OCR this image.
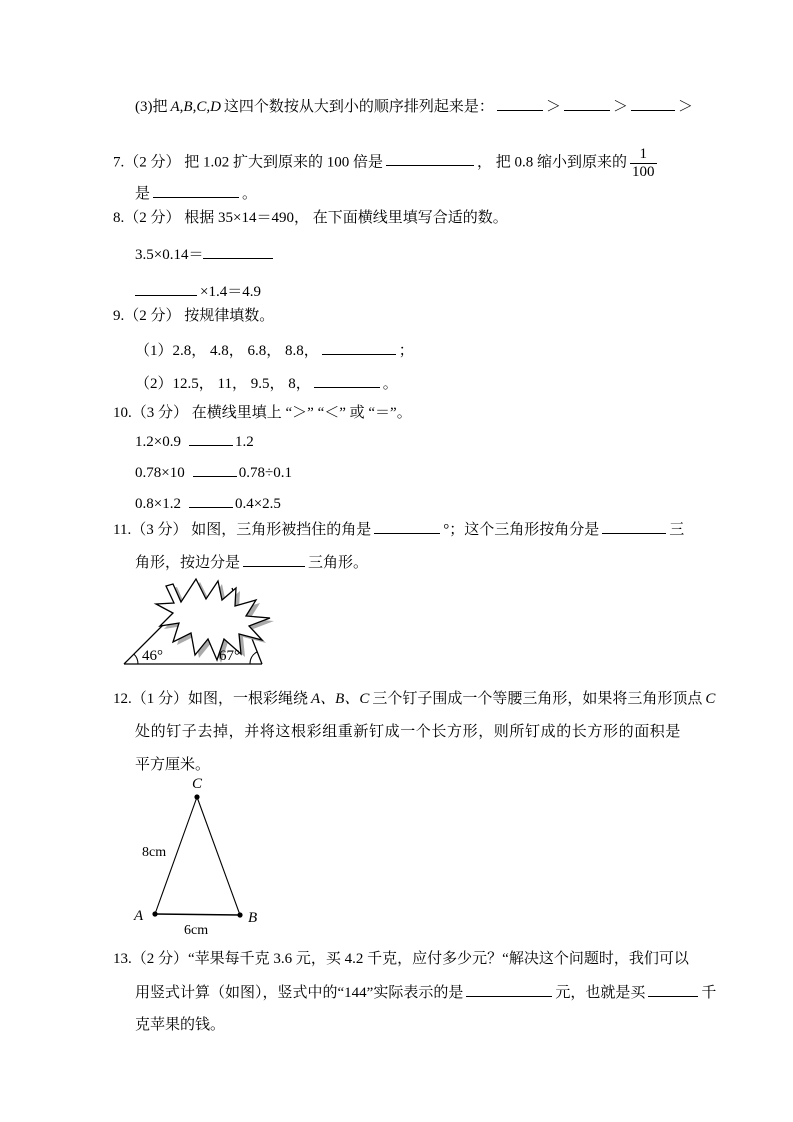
(3)把 A,B,C,D 这四个数按从大到小的顺序排列起来是：	＞	＞	＞
7.（2 分） 把 1.02 扩大到原来的 100 倍是	， 把 0.8 缩小到原来的 $\frac{1}{100}$
是	。
8.（2 分） 根据 35×14＝490， 在下面横线里填写合适的数。
3.5×0.14＝
×1.4＝4.9
9.（2 分） 按规律填数。
（1）2.8， 4.8， 6.8， 8.8，	；
（2）12.5， 11， 9.5， 8，	。
10.（3 分） 在横线里填上 “＞” “＜” 或 “＝”。
1.2×0.9	1.2
0.78×10	0.78÷0.1
0.8×1.2	0.4×2.5
11.（3 分） 如图，三角形被挡住的角是	°；这个三角形按角分是	三
角形，按边分是	三角形。
46°	67°
12.（1 分）如图，一根彩绳绕 A、B、C 三个钉子围成一个等腰三角形，如果将三角形顶点 C
处的钉子去掉，并将这根彩组重新钉成一个长方形，则所钉成的长方形的面积是
平方厘米。
C
A	B
8cm
6cm
13.（2 分）“苹果每千克 3.6 元，买 4.2 千克，应付多少元？“解决这个问题时，我们可以
用竖式计算（如图），竖式中的“144”实际表示的是	元，也就是买	千
克苹果的钱。
